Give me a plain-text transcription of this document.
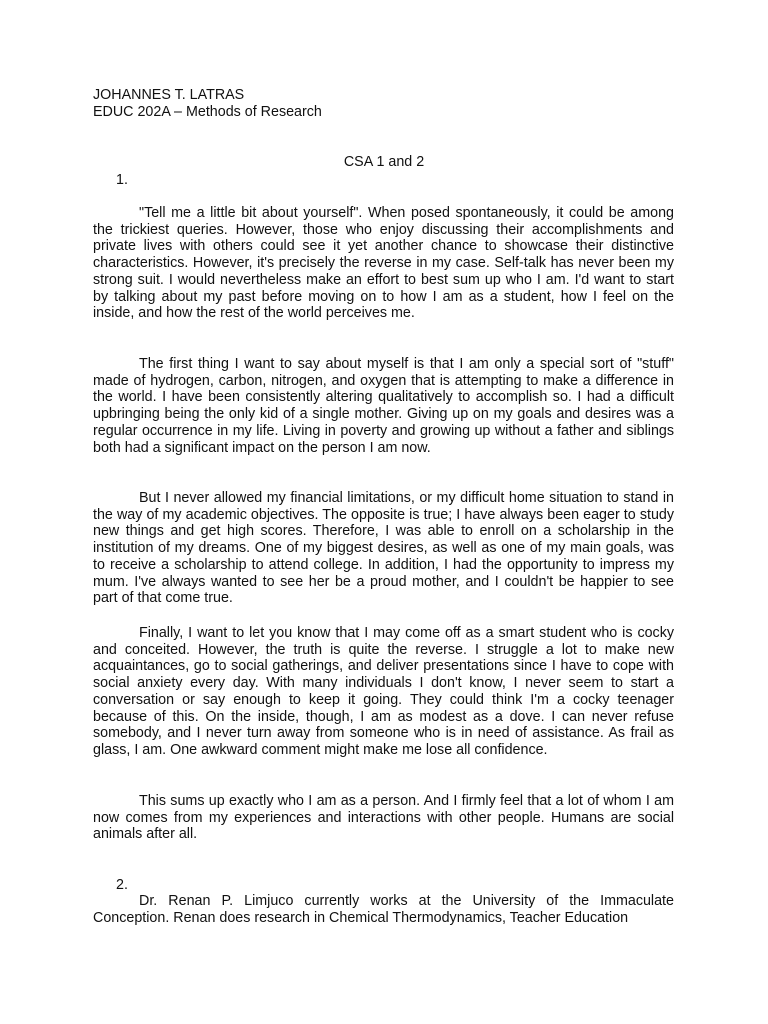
JOHANNES T. LATRAS
EDUC 202A – Methods of Research
CSA 1 and 2
1.

"Tell me a little bit about yourself". When posed spontaneously, it could be among the trickiest queries. However, those who enjoy discussing their accomplishments and private lives with others could see it yet another chance to showcase their distinctive characteristics. However, it's precisely the reverse in my case. Self-talk has never been my strong suit. I would nevertheless make an effort to best sum up who I am. I'd want to start by talking about my past before moving on to how I am as a student, how I feel on the inside, and how the rest of the world perceives me.

The first thing I want to say about myself is that I am only a special sort of "stuff" made of hydrogen, carbon, nitrogen, and oxygen that is attempting to make a difference in the world. I have been consistently altering qualitatively to accomplish so. I had a difficult upbringing being the only kid of a single mother. Giving up on my goals and desires was a regular occurrence in my life. Living in poverty and growing up without a father and siblings both had a significant impact on the person I am now.

But I never allowed my financial limitations, or my difficult home situation to stand in the way of my academic objectives. The opposite is true; I have always been eager to study new things and get high scores. Therefore, I was able to enroll on a scholarship in the institution of my dreams. One of my biggest desires, as well as one of my main goals, was to receive a scholarship to attend college. In addition, I had the opportunity to impress my mum. I've always wanted to see her be a proud mother, and I couldn't be happier to see part of that come true.

Finally, I want to let you know that I may come off as a smart student who is cocky and conceited. However, the truth is quite the reverse. I struggle a lot to make new acquaintances, go to social gatherings, and deliver presentations since I have to cope with social anxiety every day. With many individuals I don't know, I never seem to start a conversation or say enough to keep it going. They could think I'm a cocky teenager because of this. On the inside, though, I am as modest as a dove. I can never refuse somebody, and I never turn away from someone who is in need of assistance. As frail as glass, I am. One awkward comment might make me lose all confidence.

This sums up exactly who I am as a person. And I firmly feel that a lot of whom I am now comes from my experiences and interactions with other people. Humans are social animals after all.

2.

Dr. Renan P. Limjuco currently works at the University of the Immaculate Conception. Renan does research in Chemical Thermodynamics, Teacher Education
